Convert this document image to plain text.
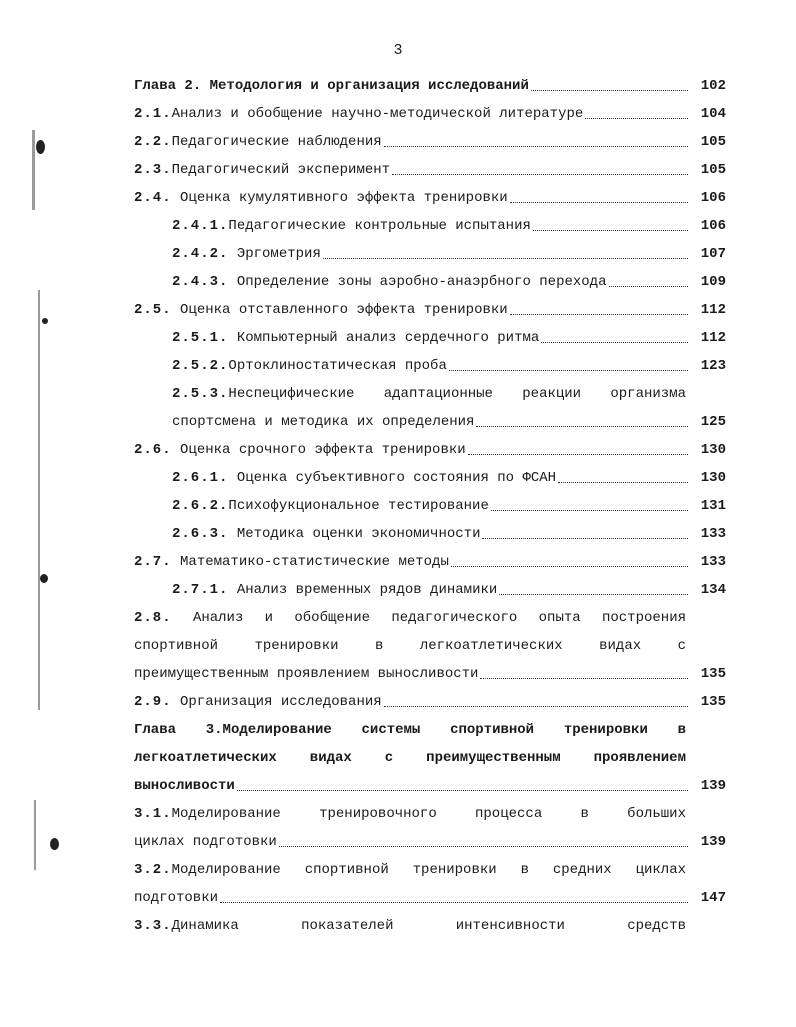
3
Глава 2. Методология и организация исследований	102
2.1.Анализ и обобщение научно-методической литературе	104
2.2.Педагогические наблюдения	105
2.3.Педагогический эксперимент	105
2.4. Оценка кумулятивного эффекта тренировки	106
2.4.1.Педагогические контрольные испытания	106
2.4.2. Эргометрия	107
2.4.3. Определение зоны аэробно-анаэрбного перехода	109
2.5. Оценка отставленного эффекта тренировки	112
2.5.1. Компьютерный анализ сердечного ритма	112
2.5.2.Ортоклиностатическая проба	123
2.5.3.Неспецифические адаптационные реакции организма
спортсмена и методика их определения	125
2.6. Оценка срочного эффекта тренировки	130
2.6.1. Оценка субъективного состояния по ФСАН	130
2.6.2.Психофукциональное тестирование	131
2.6.3. Методика оценки экономичности	133
2.7. Математико-статистические методы	133
2.7.1. Анализ временных рядов динамики	134
2.8. Анализ и обобщение педагогического опыта построения
спортивной тренировки в легкоатлетических видах с
преимущественным проявлением выносливости	135
2.9. Организация исследования	135
Глава 3.Моделирование системы спортивной тренировки в
легкоатлетических видах с преимущественным проявлением
выносливости	139
3.1.Моделирование тренировочного процесса в больших
циклах подготовки	139
3.2.Моделирование спортивной тренировки в средних циклах
подготовки	147
3.3.Динамика показателей интенсивности средств
